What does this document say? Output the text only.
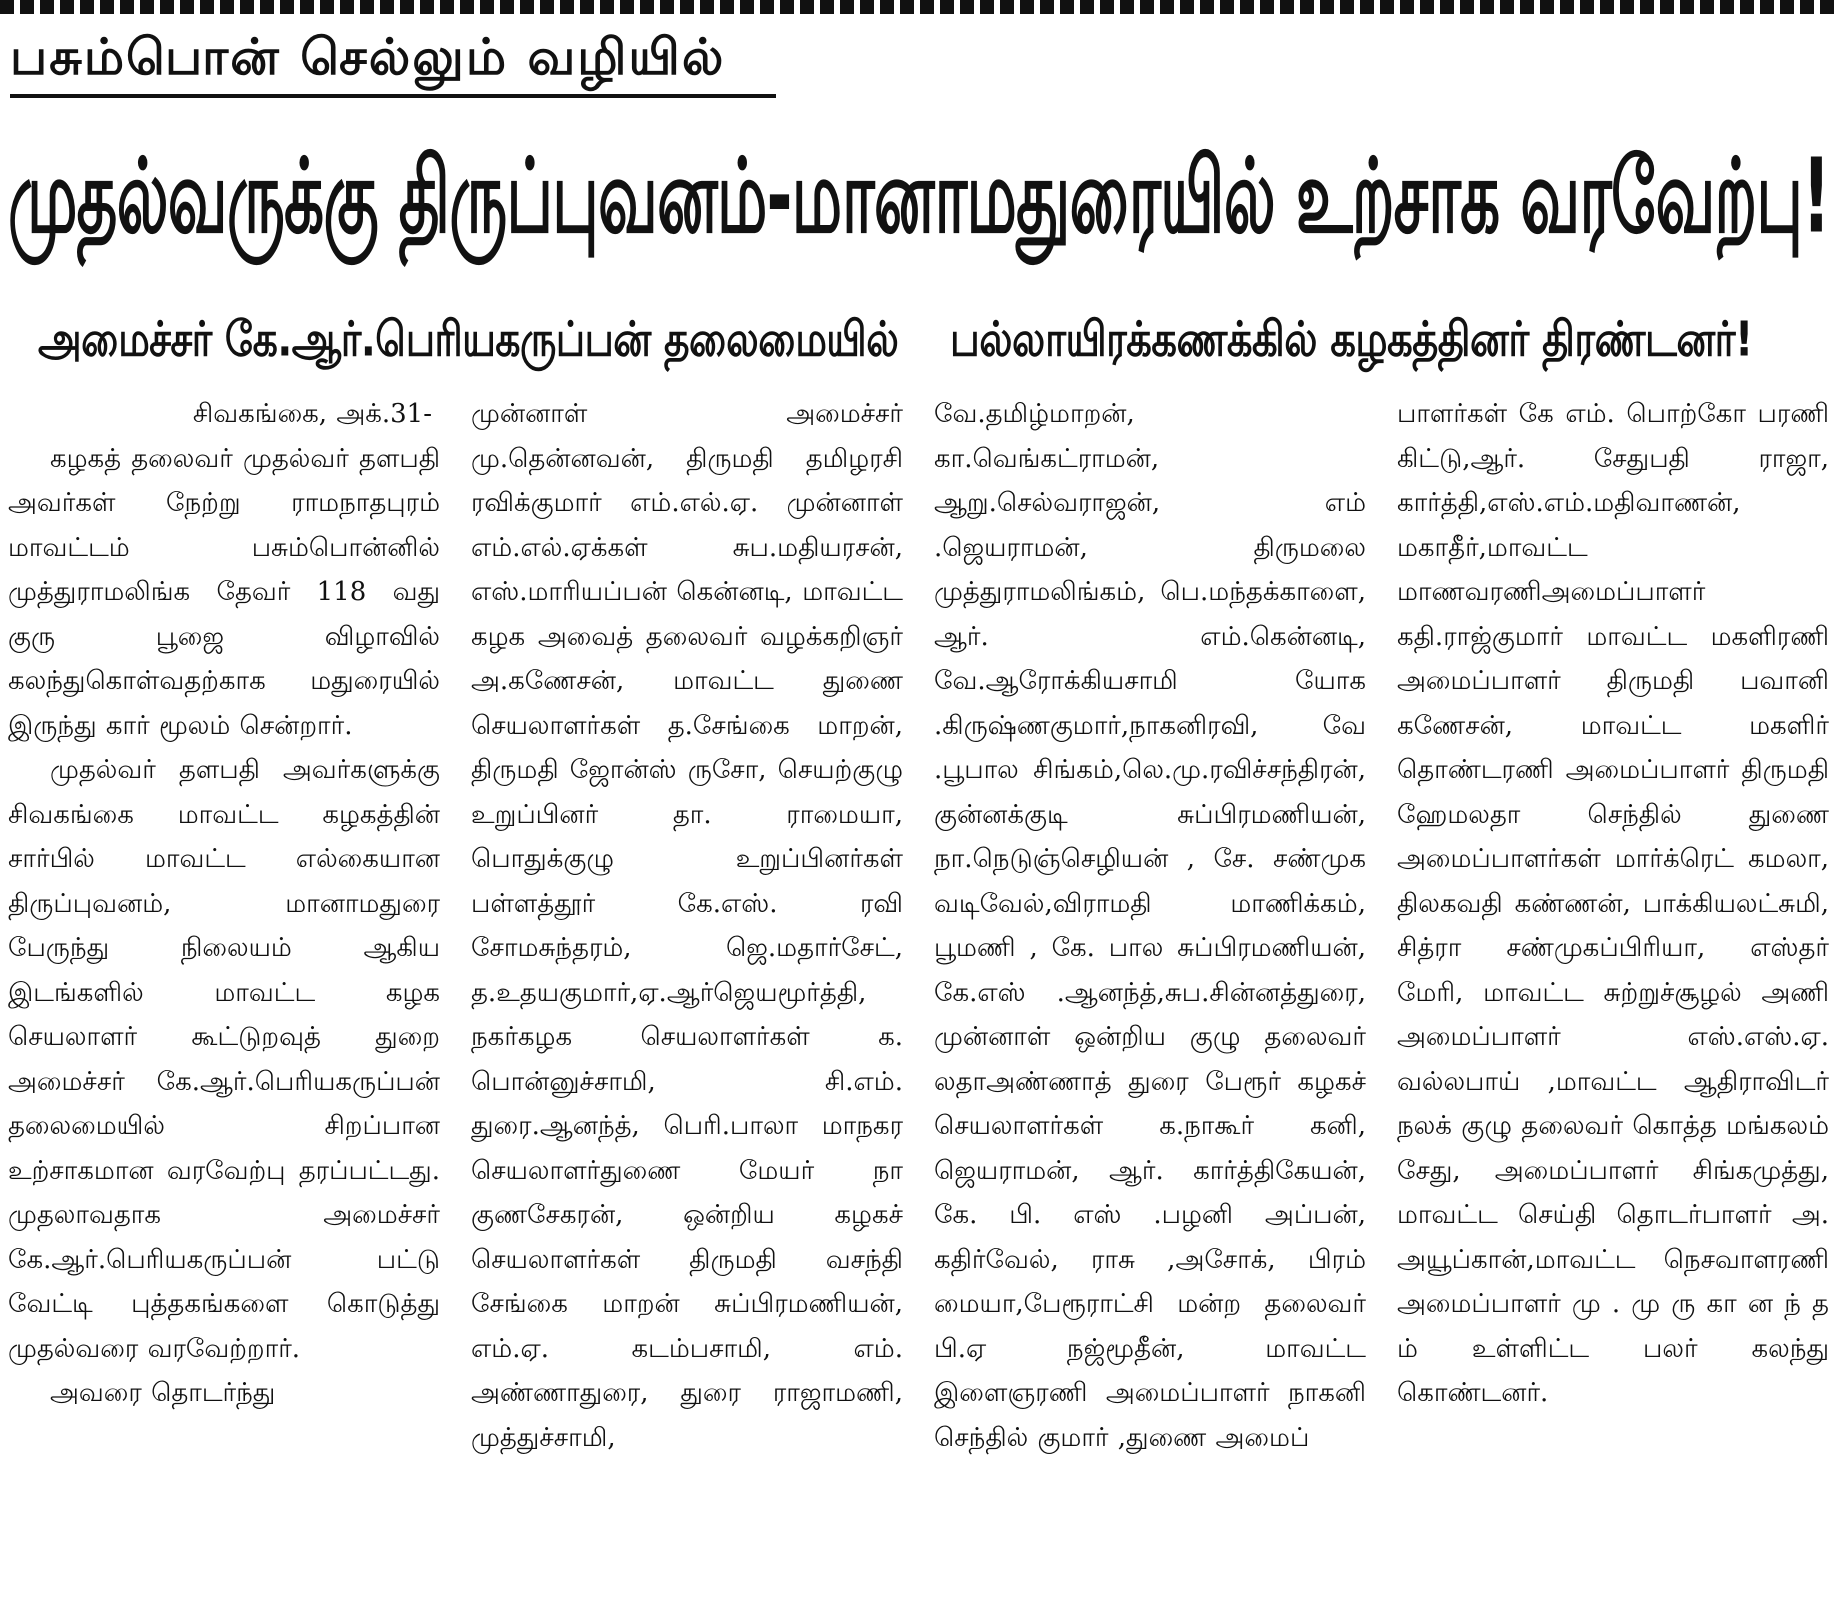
பசும்பொன் செல்லும் வழியில்
முதல்வருக்கு திருப்புவனம்-மானாமதுரையில் உற்சாக வரவேற்பு!
அமைச்சர் கே.ஆர்.பெரியகருப்பன் தலைமையில் பல்லாயிரக்கணக்கில் கழகத்தினர் திரண்டனர்!

சிவகங்கை, அக்.31-

கழகத் தலைவர் முதல்வர் தளபதி அவர்கள் நேற்று ராமநாதபுரம் மாவட்டம் பசும்பொன்னில் முத்துராமலிங்க தேவர் 118 வது குரு பூஜை விழாவில் கலந்துகொள்வதற்காக மதுரையில் இருந்து கார் மூலம் சென்றார்.

முதல்வர் தளபதி அவர்களுக்கு சிவகங்கை மாவட்ட கழகத்தின் சார்பில் மாவட்ட எல்கையான திருப்புவனம், மானாமதுரை பேருந்து நிலையம் ஆகிய இடங்களில் மாவட்ட கழக செயலாளர் கூட்டுறவுத் துறை அமைச்சர் கே.ஆர்.பெரியகருப்பன் தலைமையில் சிறப்பான உற்சாகமான வரவேற்பு தரப்பட்டது. முதலாவதாக அமைச்சர் கே.ஆர்.பெரியகருப்பன் பட்டு வேட்டி புத்தகங்களை கொடுத்து முதல்வரை வரவேற்றார்.

அவரை தொடர்ந்து

முன்னாள் அமைச்சர் மு.தென்னவன், திருமதி தமிழரசி ரவிக்குமார் எம்.எல்.ஏ. முன்னாள் எம்.எல்.ஏக்கள் சுப.மதியரசன், எஸ்.மாரியப்பன் கென்னடி, மாவட்ட கழக அவைத் தலைவர் வழக்கறிஞர் அ.கணேசன், மாவட்ட துணை செயலாளர்கள் த.சேங்கை மாறன், திருமதி ஜோன்ஸ் ருசோ, செயற்குழு உறுப்பினர் தா. ராமையா, பொதுக்குழு உறுப்பினர்கள் பள்ளத்தூர் கே.எஸ். ரவி சோமசுந்தரம், ஜெ.மதார்சேட், த.உதயகுமார்,ஏ.ஆர்ஜெயமூர்த்தி, நகர்கழக செயலாளர்கள் க. பொன்னுச்சாமி, சி.எம். துரை.ஆனந்த், பெரி.பாலா மாநகர செயலாளர்துணை மேயர் நா குணசேகரன், ஒன்றிய கழகச் செயலாளர்கள் திருமதி வசந்தி சேங்கை மாறன் சுப்பிரமணியன், எம்.ஏ. கடம்பசாமி, எம். அண்ணாதுரை, துரை ராஜாமணி, முத்துச்சாமி,

வே.தமிழ்மாறன், கா.வெங்கட்ராமன், ஆறு.செல்வராஜன், எம் .ஜெயராமன், திருமலை முத்துராமலிங்கம், பெ.மந்தக்காளை, ஆர். எம்.கென்னடி, வே.ஆரோக்கியசாமி யோக .கிருஷ்ணகுமார்,நாகனிரவி, வே .பூபால சிங்கம்,லெ.மு.ரவிச்சந்திரன், குன்னக்குடி சுப்பிரமணியன், நா.நெடுஞ்செழியன் , சே. சண்முக வடிவேல்,விராமதி மாணிக்கம், பூமணி , கே. பால சுப்பிரமணியன், கே.எஸ் .ஆனந்த்,சுப.சின்னத்துரை, முன்னாள் ஒன்றிய குழு தலைவர் லதாஅண்ணாத் துரை பேரூர் கழகச் செயலாளர்கள் க.நாகூர் கனி, ஜெயராமன், ஆர். கார்த்திகேயன், கே. பி. எஸ் .பழனி அப்பன், கதிர்வேல், ராசு ,அசோக், பிரம் மையா,பேரூராட்சி மன்ற தலைவர் பி.ஏ நஜ்மூதீன், மாவட்ட இளைஞரணி அமைப்பாளர் நாகனி செந்தில் குமார் ,துணை அமைப்

பாளர்கள் கே எம். பொற்கோ பரணி கிட்டு,ஆர். சேதுபதி ராஜா, கார்த்தி,எஸ்.எம்.மதிவாணன், மகாதீர்,மாவட்ட மாணவரணிஅமைப்பாளர் கதி.ராஜ்குமார் மாவட்ட மகளிரணி அமைப்பாளர் திருமதி பவானி கணேசன், மாவட்ட மகளிர் தொண்டரணி அமைப்பாளர் திருமதி ஹேமலதா செந்தில் துணை அமைப்பாளர்கள் மார்க்ரெட் கமலா, திலகவதி கண்ணன், பாக்கியலட்சுமி, சித்ரா சண்முகப்பிரியா, எஸ்தர் மேரி, மாவட்ட சுற்றுச்சூழல் அணி அமைப்பாளர் எஸ்.எஸ்.ஏ. வல்லபாய் ,மாவட்ட ஆதிராவிடர் நலக் குழு தலைவர் கொத்த மங்கலம் சேது, அமைப்பாளர் சிங்கமுத்து, மாவட்ட செய்தி தொடர்பாளர் அ. அயூப்கான்,மாவட்ட நெசவாளரணி அமைப்பாளர் மு . மு ரு கா ன ந் த ம் உள்ளிட்ட பலர் கலந்து கொண்டனர்.
